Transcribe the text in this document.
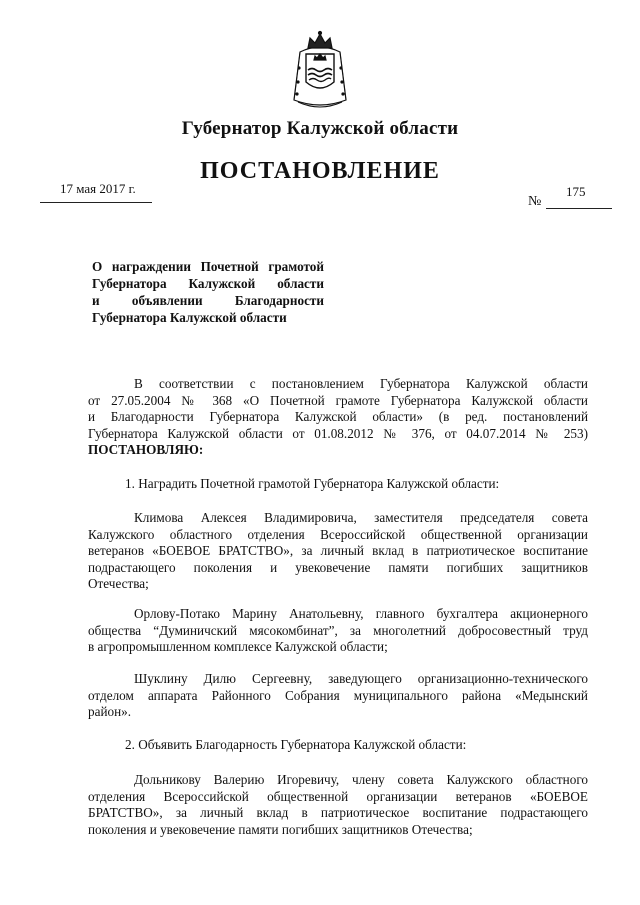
Губернатор Калужской области
ПОСТАНОВЛЕНИЕ
17 мая 2017 г.
№
175
О награждении Почетной грамотой
Губернатора Калужской области
и объявлении Благодарности
Губернатора Калужской области
В соответствии с постановлением Губернатора Калужской области
от 27.05.2004 № 368 «О Почетной грамоте Губернатора Калужской области
и Благодарности Губернатора Калужской области» (в ред. постановлений
Губернатора Калужской области от 01.08.2012 № 376, от 04.07.2014 № 253)
ПОСТАНОВЛЯЮ:
1. Наградить Почетной грамотой Губернатора Калужской области:
Климова Алексея Владимировича, заместителя председателя совета
Калужского областного отделения Всероссийской общественной организации
ветеранов «БОЕВОЕ БРАТСТВО», за личный вклад в патриотическое воспитание
подрастающего поколения и увековечение памяти погибших защитников
Отечества;
Орлову-Потако Марину Анатольевну, главного бухгалтера акционерного
общества “Думиничский мясокомбинат”, за многолетний добросовестный труд
в агропромышленном комплексе Калужской области;
Шуклину Дилю Сергеевну, заведующего организационно-технического
отделом аппарата Районного Собрания муниципального района «Медынский
район».
2. Объявить Благодарность Губернатора Калужской области:
Дольникову Валерию Игоревичу, члену совета Калужского областного
отделения Всероссийской общественной организации ветеранов «БОЕВОЕ
БРАТСТВО», за личный вклад в патриотическое воспитание подрастающего
поколения и увековечение памяти погибших защитников Отечества;
